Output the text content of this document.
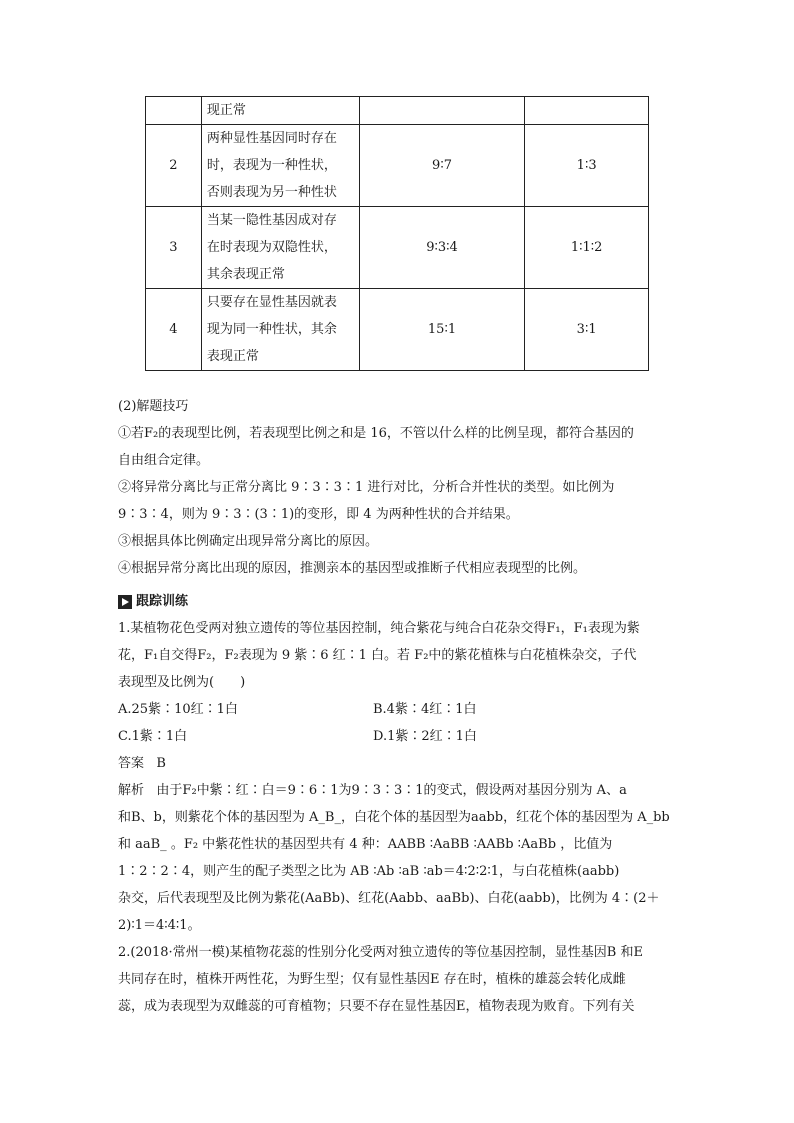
	现正常		

2	两种显性基因同时存在
时，表现为一种性状，
否则表现为另一种性状	9∶7	1∶3
3	当某一隐性基因成对存
在时表现为双隐性状，
其余表现正常	9∶3∶4	1∶1∶2
4	只要存在显性基因就表
现为同一种性状，其余
表现正常	15∶1	3∶1

(2)解题技巧

①若F₂的表现型比例，若表现型比例之和是 16，不管以什么样的比例呈现，都符合基因的

自由组合定律。

②将异常分离比与正常分离比 9∶3∶3∶1 进行对比，分析合并性状的类型。如比例为

9∶3∶4，则为 9∶3∶(3∶1)的变形，即 4 为两种性状的合并结果。

③根据具体比例确定出现异常分离比的原因。

④根据异常分离比出现的原因，推测亲本的基因型或推断子代相应表现型的比例。

跟踪训练

1.某植物花色受两对独立遗传的等位基因控制，纯合紫花与纯合白花杂交得F₁，F₁表现为紫

花，F₁自交得F₂，F₂表现为 9 紫∶6 红∶1 白。若 F₂中的紫花植株与白花植株杂交，子代

表现型及比例为(　　)

A.25紫∶10红∶1白	B.4紫∶4红∶1白
C.1紫∶1白	D.1紫∶2红∶1白

答案 B

解析 由于F₂中紫∶红∶白＝9∶6∶1为9∶3∶3∶1的变式，假设两对基因分别为 A、a

和B、b，则紫花个体的基因型为 A_B_，白花个体的基因型为aabb，红花个体的基因型为 A_bb

和 aaB_ 。F₂ 中紫花性状的基因型共有 4 种：AABB ∶AaBB ∶AABb ∶AaBb ，比值为

1∶2∶2∶4，则产生的配子类型之比为 AB ∶Ab ∶aB ∶ab＝4∶2∶2∶1，与白花植株(aabb)

杂交，后代表现型及比例为紫花(AaBb)、红花(Aabb、aaBb)、白花(aabb)，比例为 4∶(2＋

2)∶1＝4∶4∶1。

2.(2018·常州一模)某植物花蕊的性别分化受两对独立遗传的等位基因控制，显性基因B 和E

共同存在时，植株开两性花，为野生型；仅有显性基因E 存在时，植株的雄蕊会转化成雌

蕊，成为表现型为双雌蕊的可育植物；只要不存在显性基因E，植物表现为败育。下列有关
